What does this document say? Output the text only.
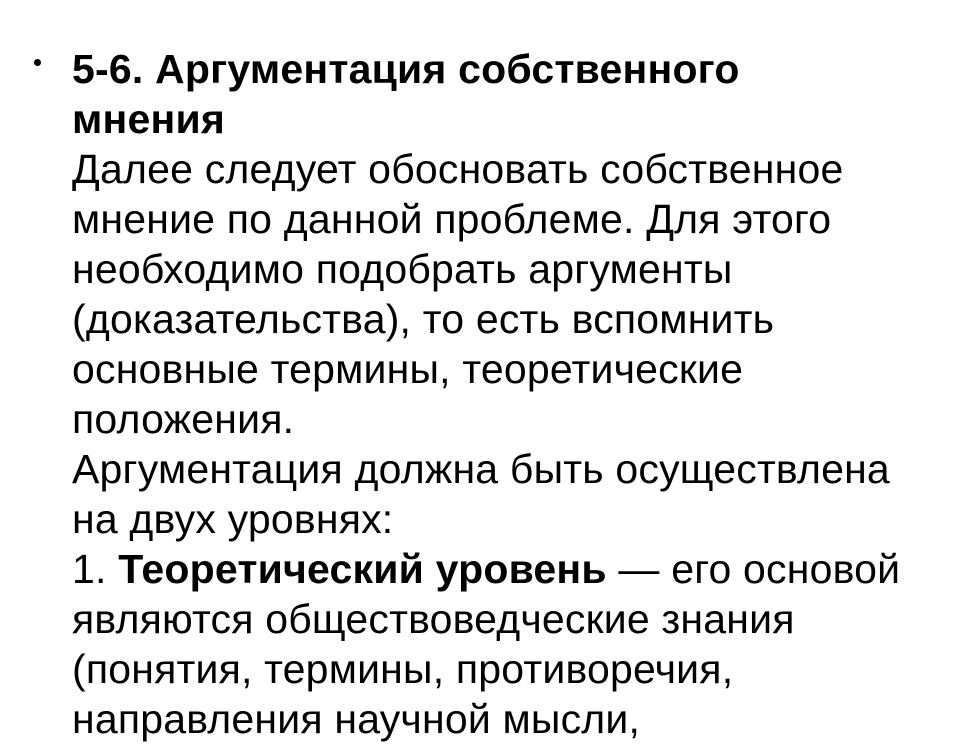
5-6. Аргументация собственного
мнения
Далее следует обосновать собственное
мнение по данной проблеме. Для этого
необходимо подобрать аргументы
(доказательства), то есть вспомнить
основные термины, теоретические
положения.
Аргументация должна быть осуществлена
на двух уровнях:
1. Теоретический уровень — его основой
являются обществоведческие знания
(понятия, термины, противоречия,
направления научной мысли,
